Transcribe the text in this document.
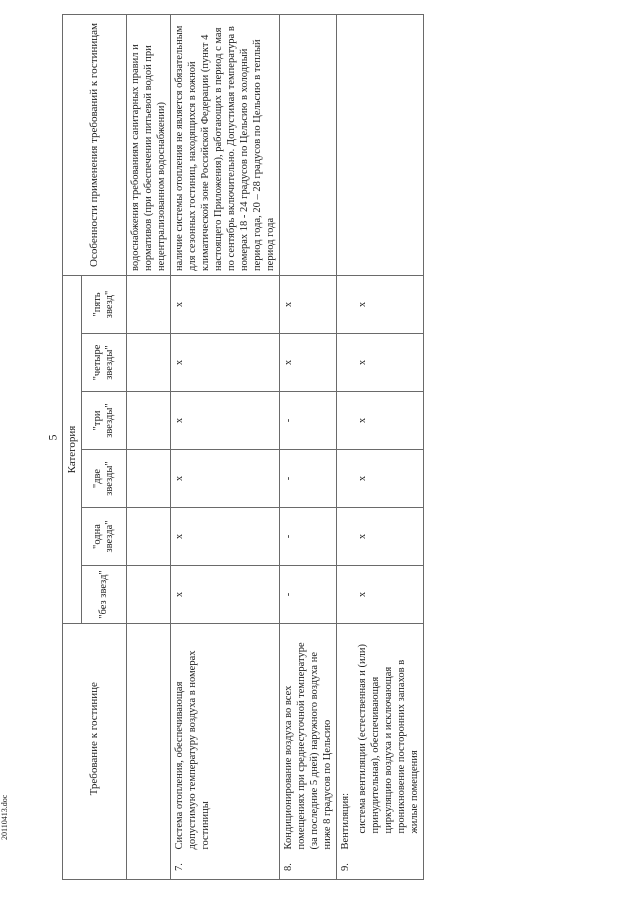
5
20110413.doc
	Требование к гостинице	Категория						Особенности применения требований к гостиницам
		"без звезд"	"одна звезда"	"две звезды"	"три звезды"	"четыре звезды"	"пять звезд"	
								водоснабжения требованиям санитарных правил и нормативов (при обеспечении питьевой водой при нецентрализованном водоснабжении)
7.	Система отопления, обеспечивающая допустимую температуру воздуха в номерах гостиницы	x	x	x	x	x	x	наличие системы отопления не является обязательным для сезонных гостиниц, находящихся в южной климатической зоне Российской Федерации (пункт 4 настоящего Приложения), работающих в период с мая по сентябрь включительно. Допустимая температура в номерах 18 - 24 градусов по Цельсию в холодный период года, 20 – 28 градусов по Цельсию в теплый период года
8.	Кондиционирование воздуха во всех помещениях при среднесуточной температуре (за последние 5 дней) наружного воздуха не ниже 8 градусов по Цельсию	-	-	-	-	x	x	
9.	Вентиляция:							
	система вентиляции (естественная и (или) принудительная), обеспечивающая циркуляцию воздуха и исключающая проникновение посторонних запахов в жилые помещения	x	x	x	x	x	x	
